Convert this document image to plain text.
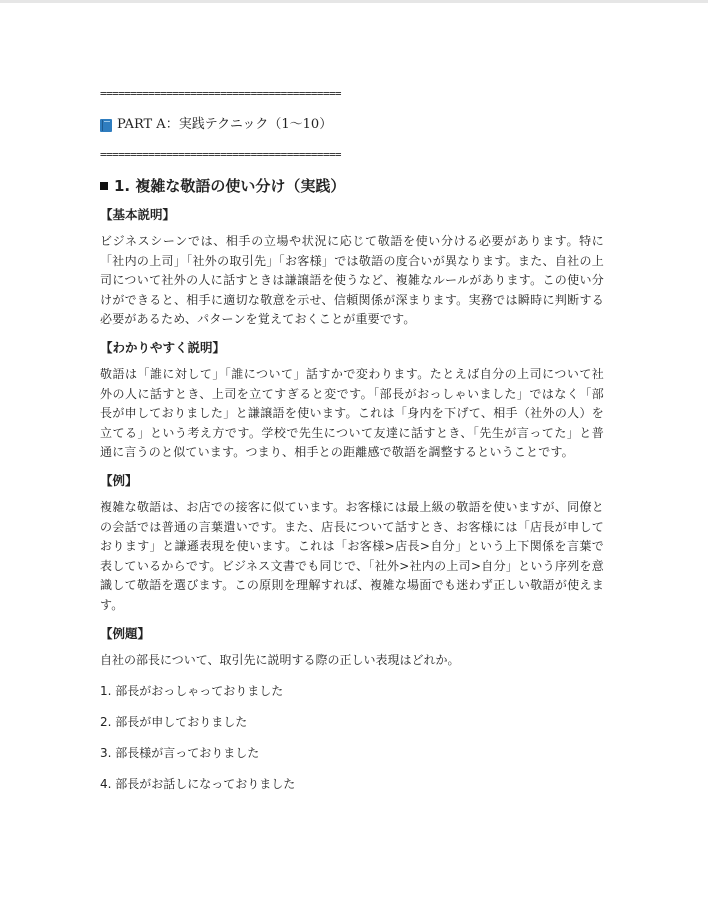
========================================
PART A：実践テクニック（1〜10）
========================================
1. 複雑な敬語の使い分け（実践）
【基本説明】

ビジネスシーンでは、相手の立場や状況に応じて敬語を使い分ける必要があります。特に「社内の上司」「社外の取引先」「お客様」では敬語の度合いが異なります。また、自社の上司について社外の人に話すときは謙譲語を使うなど、複雑なルールがあります。この使い分けができると、相手に適切な敬意を示せ、信頼関係が深まります。実務では瞬時に判断する必要があるため、パターンを覚えておくことが重要です。

【わかりやすく説明】

敬語は「誰に対して」「誰について」話すかで変わります。たとえば自分の上司について社外の人に話すとき、上司を立てすぎると変です。「部長がおっしゃいました」ではなく「部長が申しておりました」と謙譲語を使います。これは「身内を下げて、相手（社外の人）を立てる」という考え方です。学校で先生について友達に話すとき、「先生が言ってた」と普通に言うのと似ています。つまり、相手との距離感で敬語を調整するということです。

【例】

複雑な敬語は、お店での接客に似ています。お客様には最上級の敬語を使いますが、同僚との会話では普通の言葉遣いです。また、店長について話すとき、お客様には「店長が申しております」と謙遜表現を使います。これは「お客様>店長>自分」という上下関係を言葉で表しているからです。ビジネス文書でも同じで、「社外>社内の上司>自分」という序列を意識して敬語を選びます。この原則を理解すれば、複雑な場面でも迷わず正しい敬語が使えます。

【例題】

自社の部長について、取引先に説明する際の正しい表現はどれか。

1. 部長がおっしゃっておりました
2. 部長が申しておりました
3. 部長様が言っておりました
4. 部長がお話しになっておりました
